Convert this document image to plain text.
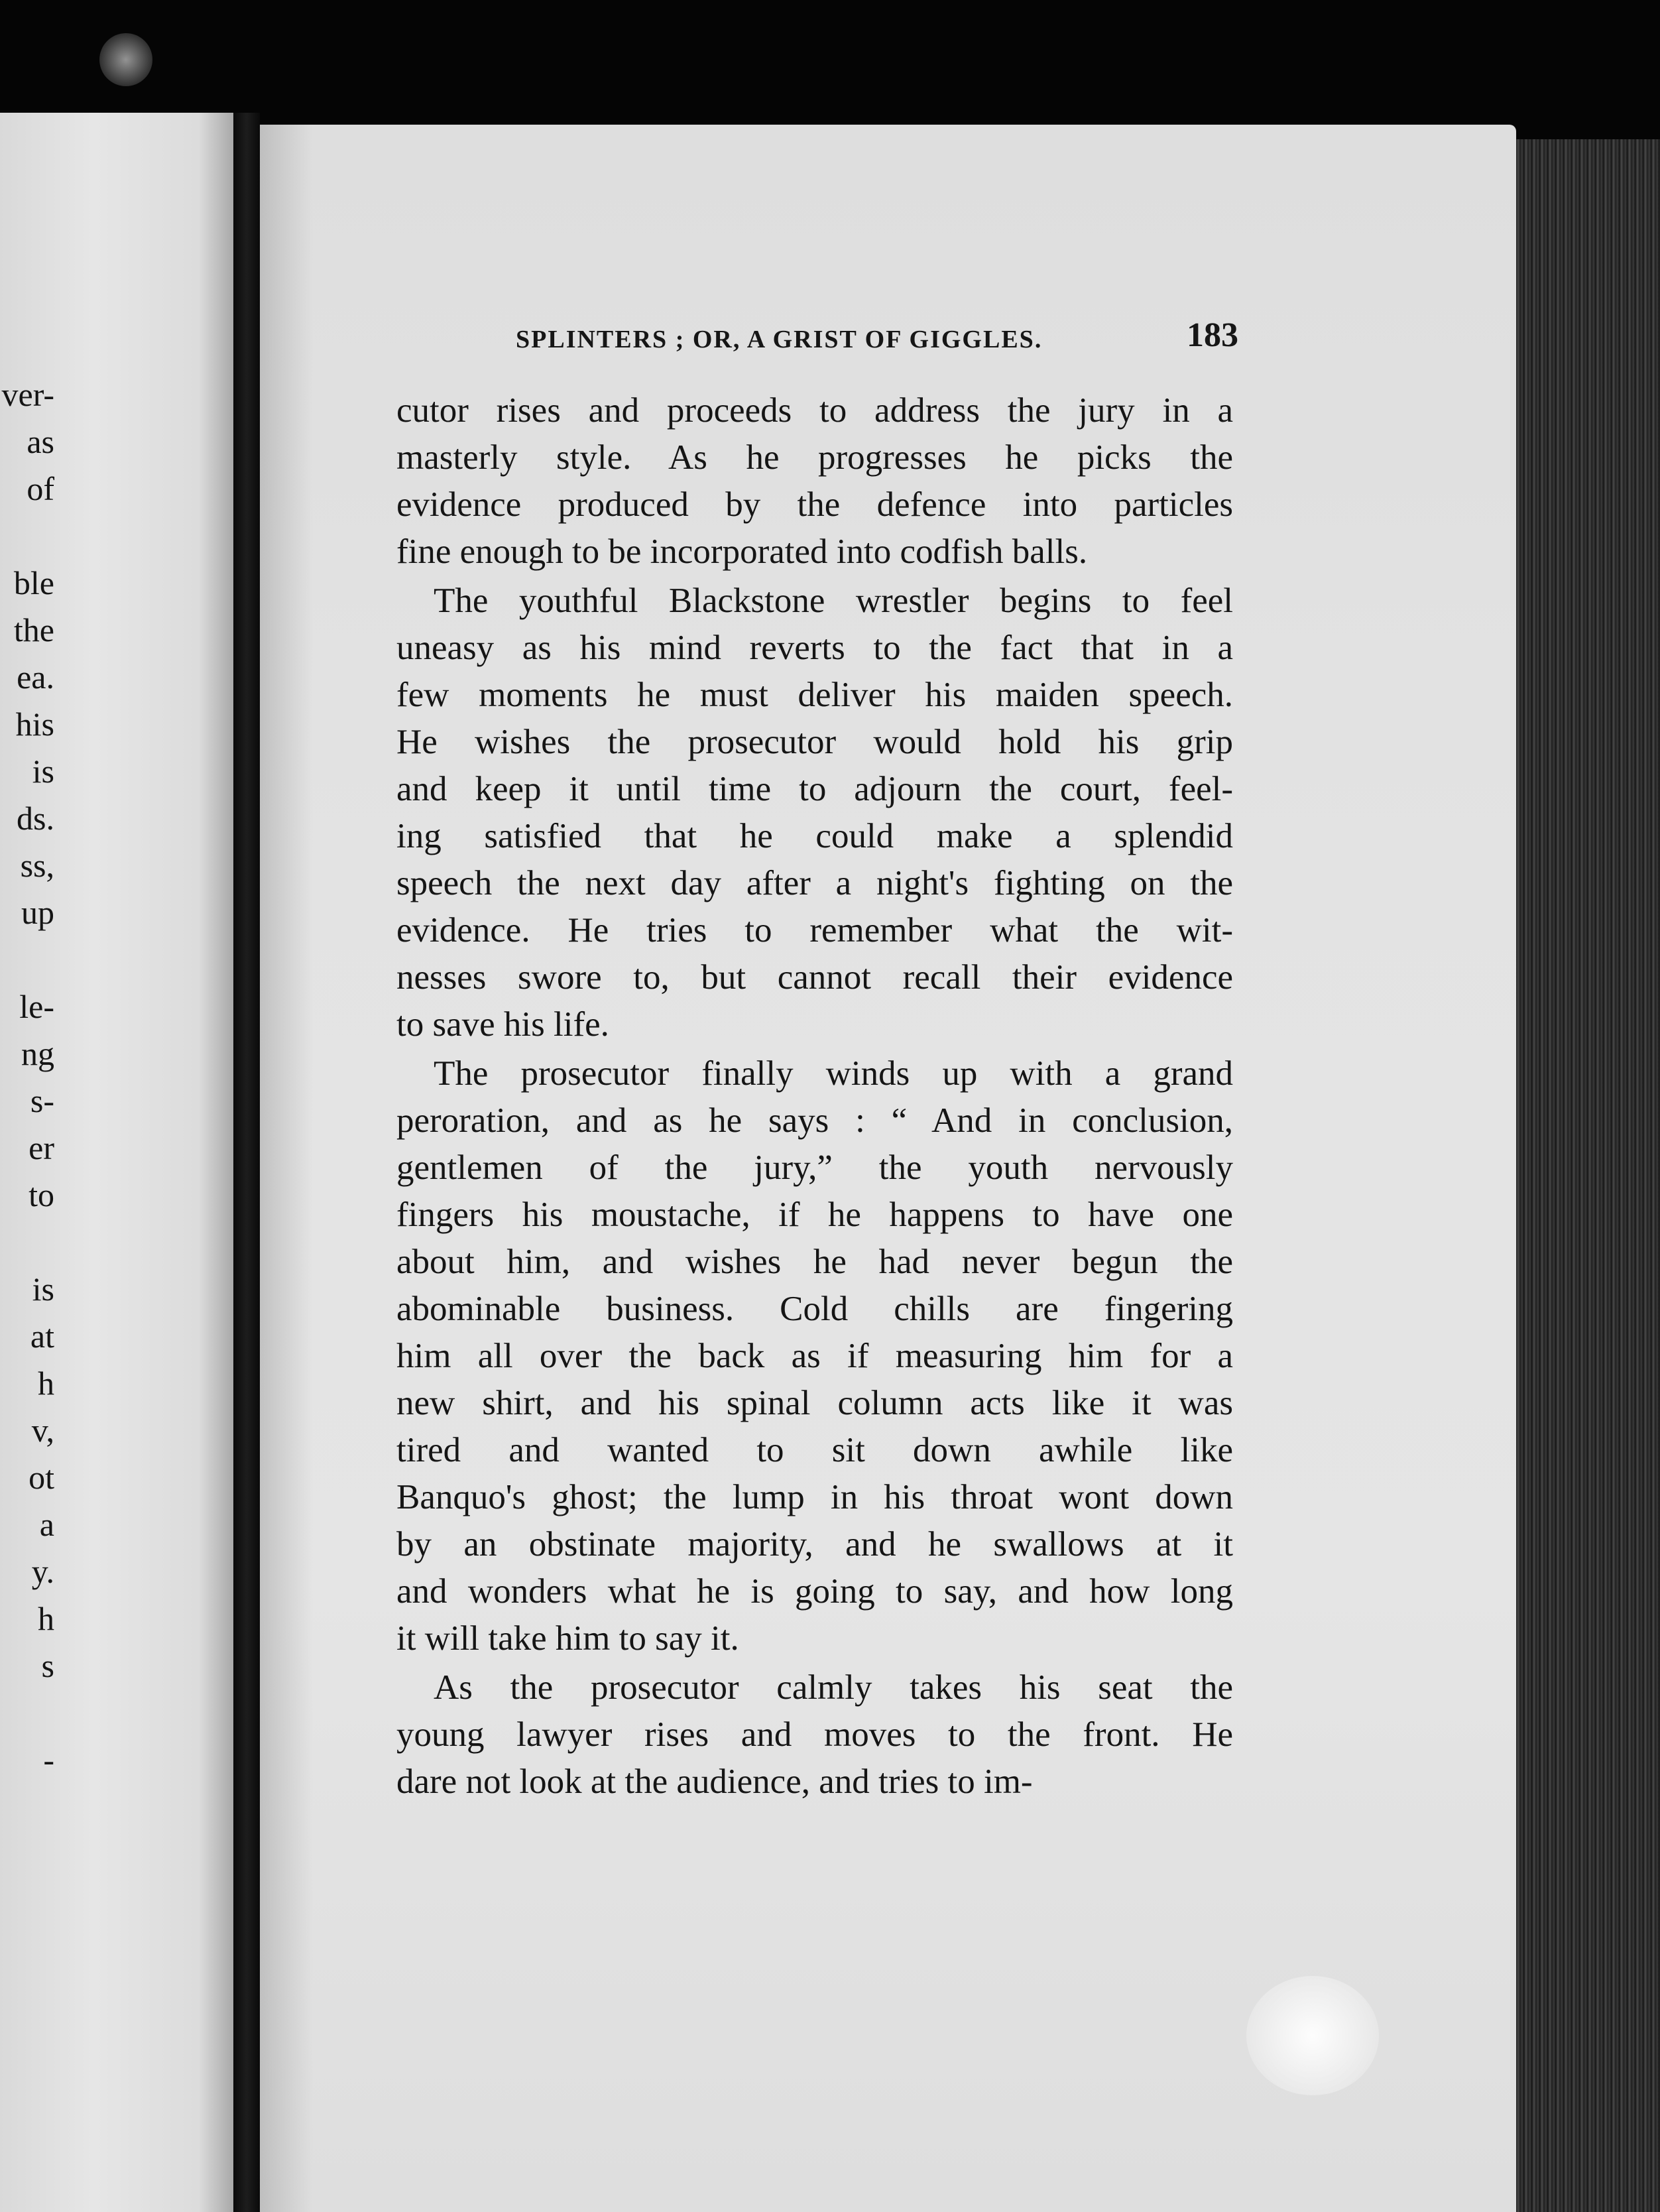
ver-
as
of
ble
the
ea.
his
is
ds.
ss,
up
le-
ng
s-
er
to
is
at
h
v,
ot
a
y.
h
s
-
SPLINTERS ; OR, A GRIST OF GIGGLES.	183

cutor rises and proceeds to address the jury in a
masterly style. As he progresses he picks the
evidence produced by the defence into particles
fine enough to be incorporated into codfish balls.

The youthful Blackstone wrestler begins to feel
uneasy as his mind reverts to the fact that in a
few moments he must deliver his maiden speech.
He wishes the prosecutor would hold his grip
and keep it until time to adjourn the court, feel-
ing satisfied that he could make a splendid
speech the next day after a night's fighting on the
evidence. He tries to remember what the wit-
nesses swore to, but cannot recall their evidence
to save his life.

The prosecutor finally winds up with a grand
peroration, and as he says : “ And in conclusion,
gentlemen of the jury,” the youth nervously
fingers his moustache, if he happens to have one
about him, and wishes he had never begun the
abominable business. Cold chills are fingering
him all over the back as if measuring him for a
new shirt, and his spinal column acts like it was
tired and wanted to sit down awhile like
Banquo's ghost; the lump in his throat wont down
by an obstinate majority, and he swallows at it
and wonders what he is going to say, and how long
it will take him to say it.

As the prosecutor calmly takes his seat the
young lawyer rises and moves to the front. He
dare not look at the audience, and tries to im-
